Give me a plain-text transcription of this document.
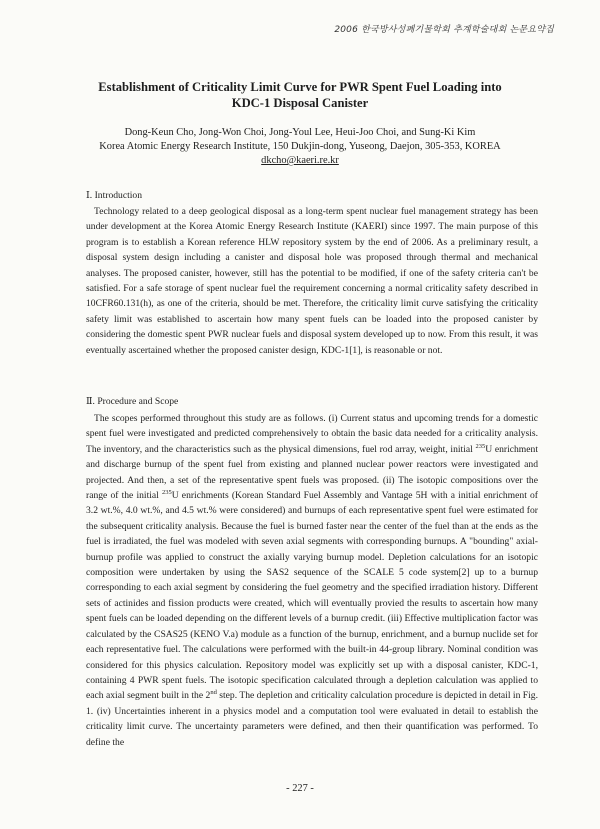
2006 한국방사성폐기물학회 추계학술대회 논문요약집
Establishment of Criticality Limit Curve for PWR Spent Fuel Loading into
KDC-1 Disposal Canister
Dong-Keun Cho, Jong-Won Choi, Jong-Youl Lee, Heui-Joo Choi, and Sung-Ki Kim
Korea Atomic Energy Research Institute, 150 Dukjin-dong, Yuseong, Daejon, 305-353, KOREA
dkcho@kaeri.re.kr
Ⅰ. Introduction

Technology related to a deep geological disposal as a long-term spent nuclear fuel management strategy has been under development at the Korea Atomic Energy Research Institute (KAERI) since 1997. The main purpose of this program is to establish a Korean reference HLW repository system by the end of 2006. As a preliminary result, a disposal system design including a canister and disposal hole was proposed through thermal and mechanical analyses. The proposed canister, however, still has the potential to be modified, if one of the safety criteria can't be satisfied. For a safe storage of spent nuclear fuel the requirement concerning a normal criticality safety described in 10CFR60.131(h), as one of the criteria, should be met. Therefore, the criticality limit curve satisfying the criticality safety limit was established to ascertain how many spent fuels can be loaded into the proposed canister by considering the domestic spent PWR nuclear fuels and disposal system developed up to now. From this result, it was eventually ascertained whether the proposed canister design, KDC-1[1], is reasonable or not.

Ⅱ. Procedure and Scope

The scopes performed throughout this study are as follows. (i) Current status and upcoming trends for a domestic spent fuel were investigated and predicted comprehensively to obtain the basic data needed for a criticality analysis. The inventory, and the characteristics such as the physical dimensions, fuel rod array, weight, initial $^{235}$U enrichment and discharge burnup of the spent fuel from existing and planned nuclear power reactors were investigated and projected. And then, a set of the representative spent fuels was proposed. (ii) The isotopic compositions over the range of the initial $^{235}$U enrichments (Korean Standard Fuel Assembly and Vantage 5H with a initial enrichment of 3.2 wt.%, 4.0 wt.%, and 4.5 wt.% were considered) and burnups of each representative spent fuel were estimated for the subsequent criticality analysis. Because the fuel is burned faster near the center of the fuel than at the ends as the fuel is irradiated, the fuel was modeled with seven axial segments with corresponding burnups. A "bounding" axial-burnup profile was applied to construct the axially varying burnup model. Depletion calculations for an isotopic composition were undertaken by using the SAS2 sequence of the SCALE 5 code system[2] up to a burnup corresponding to each axial segment by considering the fuel geometry and the specified irradiation history. Different sets of actinides and fission products were created, which will eventually provied the results to ascertain how many spent fuels can be loaded depending on the different levels of a burnup credit. (iii) Effective multiplication factor was calculated by the CSAS25 (KENO V.a) module as a function of the burnup, enrichment, and a burnup nuclide set for each representative fuel. The calculations were performed with the built-in 44-group library. Nominal condition was considered for this physics calculation. Repository model was explicitly set up with a disposal canister, KDC-1, containing 4 PWR spent fuels. The isotopic specification calculated through a depletion calculation was applied to each axial segment built in the 2nd step. The depletion and criticality calculation procedure is depicted in detail in Fig. 1. (iv) Uncertainties inherent in a physics model and a computation tool were evaluated in detail to establish the criticality limit curve. The uncertainty parameters were defined, and then their quantification was performed. To define the

- 227 -
